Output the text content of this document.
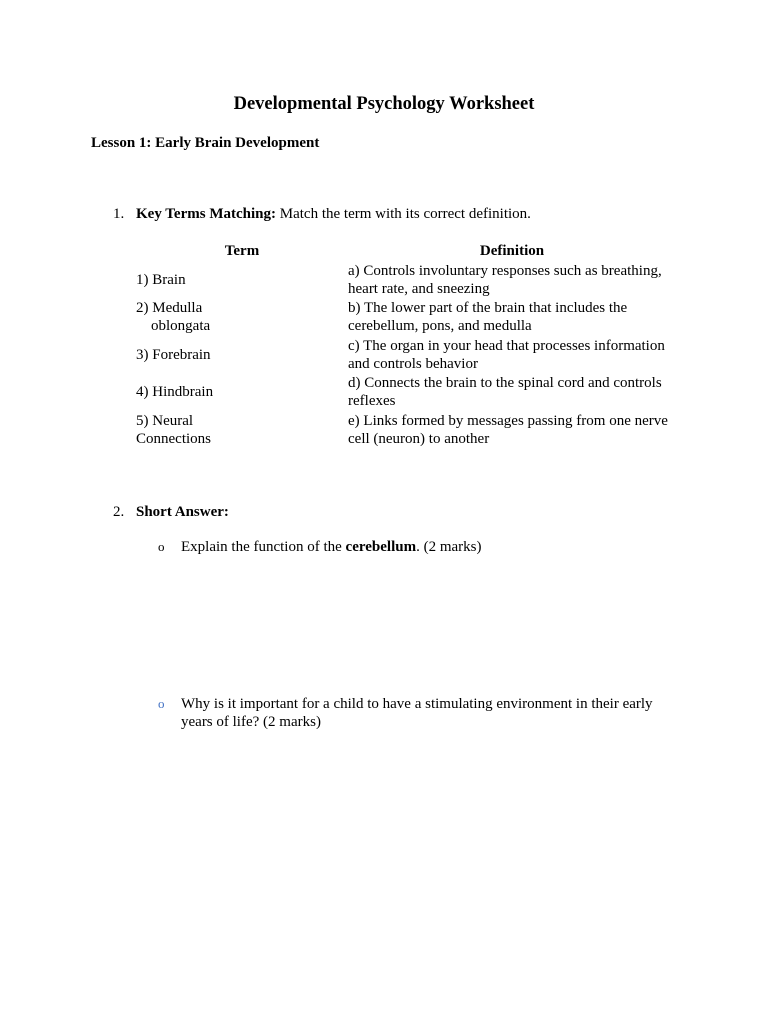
Developmental Psychology Worksheet
Lesson 1: Early Brain Development
1. Key Terms Matching: Match the term with its correct definition.
Term	Definition

1) Brain	a) Controls involuntary responses such as breathing, heart rate, and sneezing

2) Medulla
oblongata	b) The lower part of the brain that includes the cerebellum, pons, and medulla

3) Forebrain	c) The organ in your head that processes information and controls behavior

4) Hindbrain	d) Connects the brain to the spinal cord and controls reflexes

5) Neural
Connections	e) Links formed by messages passing from one nerve cell (neuron) to another
2. Short Answer:
o Explain the function of the cerebellum. (2 marks)
o Why is it important for a child to have a stimulating environment in their early years of life? (2 marks)
